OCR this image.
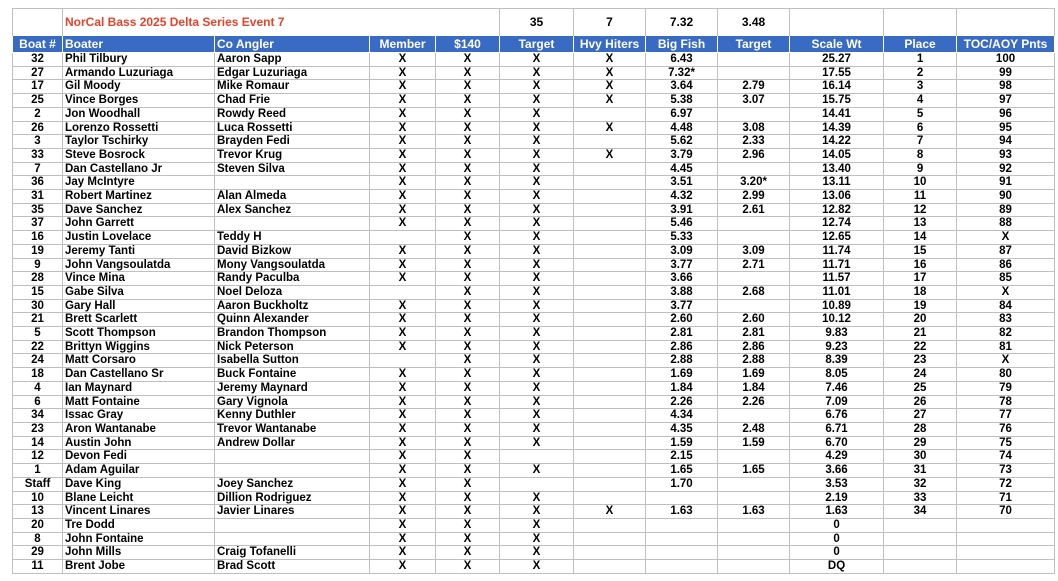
	NorCal Bass 2025 Delta Series Event 7				35	7	7.32	3.48			
Boat #	Boater	Co Angler	Member	$140	Target	Hvy Hiters	Big Fish	Target	Scale Wt	Place	TOC/AOY Pnts
32	Phil Tilbury	Aaron Sapp	X	X	X	X	6.43		25.27	1	100
27	Armando Luzuriaga	Edgar Luzuriaga	X	X	X	X	7.32*		17.55	2	99
17	Gil Moody	Mike Romaur	X	X	X	X	3.64	2.79	16.14	3	98
25	Vince Borges	Chad Frie	X	X	X	X	5.38	3.07	15.75	4	97
2	Jon Woodhall	Rowdy Reed	X	X	X		6.97		14.41	5	96
26	Lorenzo Rossetti	Luca Rossetti	X	X	X	X	4.48	3.08	14.39	6	95
3	Taylor Tschirky	Brayden Fedi	X	X	X		5.62	2.33	14.22	7	94
33	Steve Bosrock	Trevor Krug	X	X	X	X	3.79	2.96	14.05	8	93
7	Dan Castellano Jr	Steven Silva	X	X	X		4.45		13.40	9	92
36	Jay McIntyre		X	X	X		3.51	3.20*	13.11	10	91
31	Robert Martinez	Alan Almeda	X	X	X		4.32	2.99	13.06	11	90
35	Dave Sanchez	Alex Sanchez	X	X	X		3.91	2.61	12.82	12	89
37	John Garrett		X	X	X		5.46		12.74	13	88
16	Justin Lovelace	Teddy H		X	X		5.33		12.65	14	X
19	Jeremy Tanti	David Bizkow	X	X	X		3.09	3.09	11.74	15	87
9	John Vangsoulatda	Mony Vangsoulatda	X	X	X		3.77	2.71	11.71	16	86
28	Vince Mina	Randy Paculba	X	X	X		3.66		11.57	17	85
15	Gabe Silva	Noel Deloza		X	X		3.88	2.68	11.01	18	X
30	Gary Hall	Aaron Buckholtz	X	X	X		3.77		10.89	19	84
21	Brett Scarlett	Quinn Alexander	X	X	X		2.60	2.60	10.12	20	83
5	Scott Thompson	Brandon Thompson	X	X	X		2.81	2.81	9.83	21	82
22	Brittyn Wiggins	Nick Peterson	X	X	X		2.86	2.86	9.23	22	81
24	Matt Corsaro	Isabella Sutton		X	X		2.88	2.88	8.39	23	X
18	Dan Castellano Sr	Buck Fontaine	X	X	X		1.69	1.69	8.05	24	80
4	Ian Maynard	Jeremy Maynard	X	X	X		1.84	1.84	7.46	25	79
6	Matt Fontaine	Gary Vignola	X	X	X		2.26	2.26	7.09	26	78
34	Issac Gray	Kenny Duthler	X	X	X		4.34		6.76	27	77
23	Aron Wantanabe	Trevor Wantanabe	X	X	X		4.35	2.48	6.71	28	76
14	Austin John	Andrew Dollar	X	X	X		1.59	1.59	6.70	29	75
12	Devon Fedi		X	X			2.15		4.29	30	74
1	Adam Aguilar		X	X	X		1.65	1.65	3.66	31	73
Staff	Dave King	Joey Sanchez	X	X			1.70		3.53	32	72
10	Blane Leicht	Dillion Rodriguez	X	X	X				2.19	33	71
13	Vincent Linares	Javier Linares	X	X	X	X	1.63	1.63	1.63	34	70
20	Tre Dodd		X	X	X				0		
8	John Fontaine		X	X	X				0		
29	John Mills	Craig Tofanelli	X	X	X				0		
11	Brent Jobe	Brad Scott	X	X	X				DQ		
